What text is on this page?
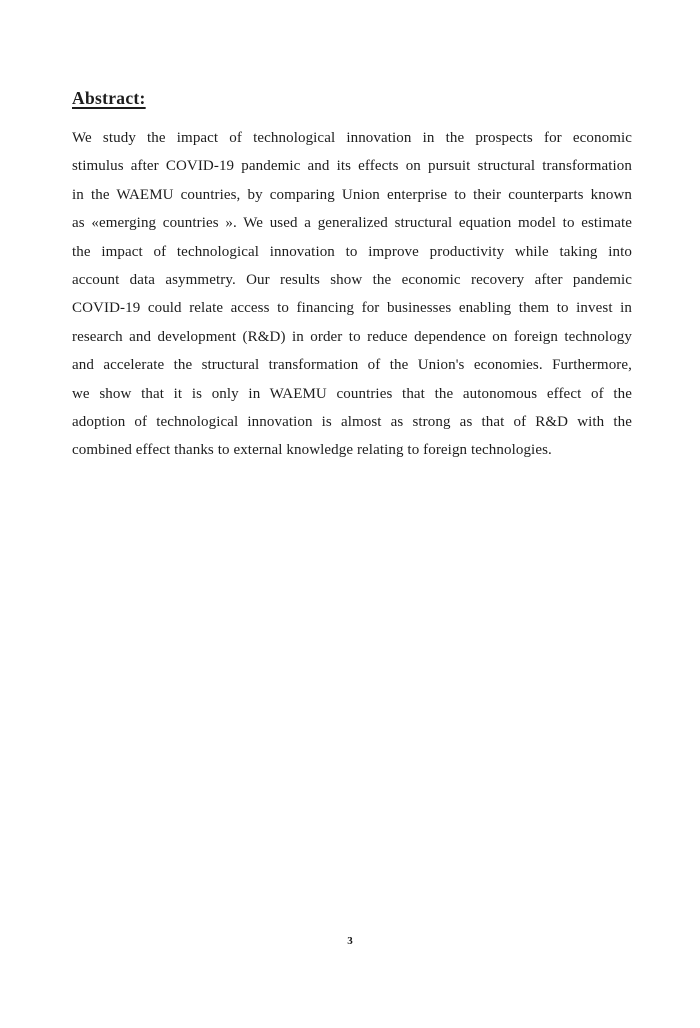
Abstract:
We study the impact of technological innovation in the prospects for economic
stimulus after COVID-19 pandemic and its effects on pursuit structural transformation
in the WAEMU countries, by comparing Union enterprise to their counterparts known
as «emerging countries ». We used a generalized structural equation model to estimate
the impact of technological innovation to improve productivity while taking into
account data asymmetry. Our results show the economic recovery after pandemic
COVID-19 could relate access to financing for businesses enabling them to invest in
research and development (R&D) in order to reduce dependence on foreign technology
and accelerate the structural transformation of the Union's economies. Furthermore,
we show that it is only in WAEMU countries that the autonomous effect of the
adoption of technological innovation is almost as strong as that of R&D with the
combined effect thanks to external knowledge relating to foreign technologies.
3
